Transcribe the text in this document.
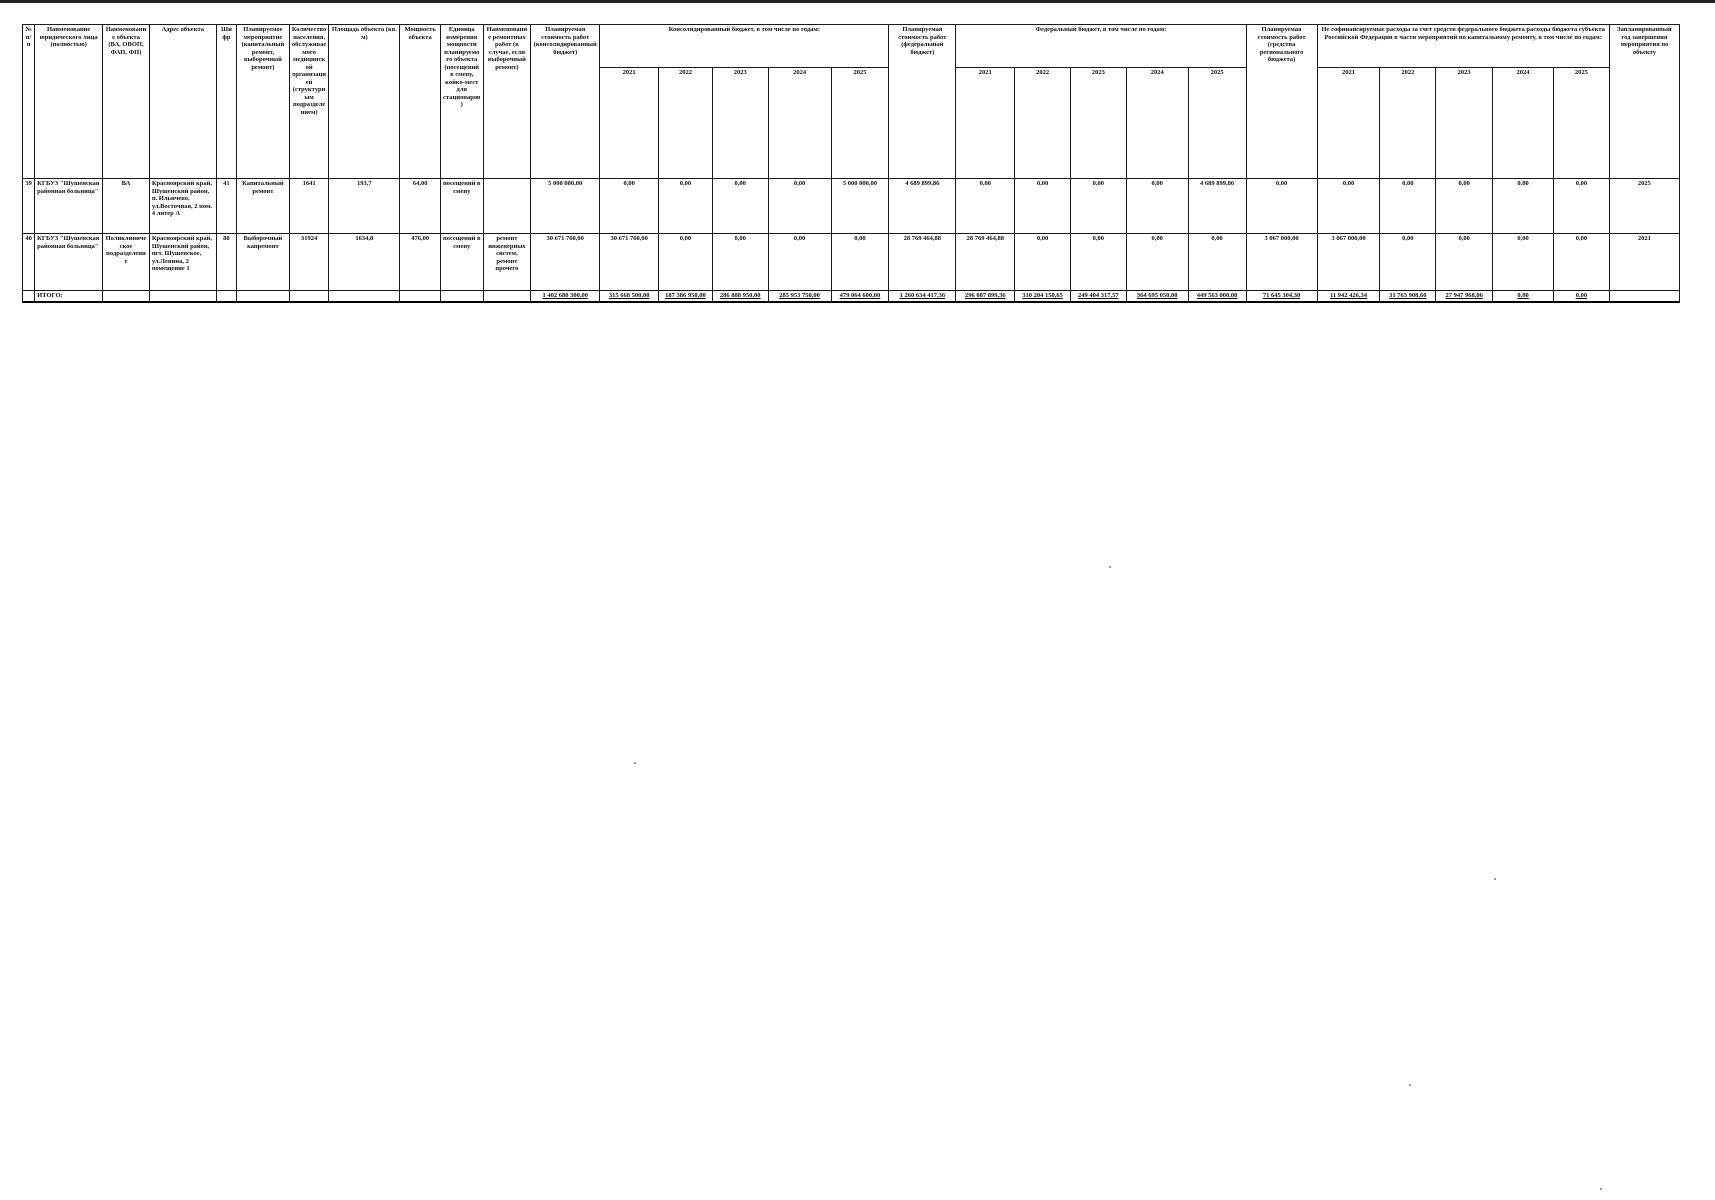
№ п/п	Наименование юридического лица (полностью)	Наименование объекта (ВА, ОВОП, ФАП, ФП)	Адрес объекта	Шифр	Планируемое мероприятие (капитальный ремонт, выборочный ремонт)	Количество населения, обслуживаемого медицинской организацией (структурным подразделением)	Площадь объекта (кв. м)	Мощность объекта	Единица измерения мощности планируемого объекта (посещений в смену, койко-мест для стационаров)	Наименование ремонтных работ (в случае, если выборочный ремонт)	Планируемая стоимость работ (консолидированный бюджет)	Консолидированный бюджет, в том числе по годам:					Планируемая стоимость работ (федеральный бюджет)	Федеральный бюджет, в том числе по годам:					Планируемая стоимость работ (средства регионального бюджета)	Не софинансируемые расходы за счет средств федерального бюджета расходы бюджета субъекта Российской Федерации в части мероприятий по капитальному ремонту, в том числе по годам:					Запланированный год завершения мероприятия по объекту
												2021	2022	2023	2024	2025		2021	2022	2023	2024	2025		2021	2022	2023	2024	2025	
39	КГБУЗ "Шушенская районная больница"	ВА	Красноярский край, Шушенский район, п. Ильичево, ул.Восточная, 2 пом. 4 литер А	41	Капитальный ремонт	1641	193,7	64,00	посещений в смену		5 000 000,00	0,00	0,00	0,00	0,00	5 000 000,00	4 689 899,86	0,00	0,00	0,00	0,00	4 689 899,86	0,00	0,00	0,00	0,00	0,00	0,00	2025
40	КГБУЗ "Шушенская районная больница"	Поликлиническое подразделение	Красноярский край, Шушенский район, пгт. Шушенское, ул.Ленина, 2 помещение 1	88	Выборочный капремонт	31924	1634,8	476,00	посещений в смену	ремонт инженерных систем, ремонт прочего	30 671 760,00	30 671 760,00	0,00	0,00	0,00	0,00	28 769 464,88	28 769 464,88	0,00	0,00	0,00	0,00	3 067 000,00	3 067 000,00	0,00	0,00	0,00	0,00	2021
	ИТОГО:										1 402 680 300,00	315 668 500,00	187 386 950,00	286 888 950,00	285 953 750,00	479 064 600,00	1 260 634 417,36	296 087 899,36	310 204 150,65	249 404 317,57	364 695 050,00	449 563 000,00	71 645 304,30	11 942 426,34	31 763 908,60	27 947 968,06	0,00	0,00	
